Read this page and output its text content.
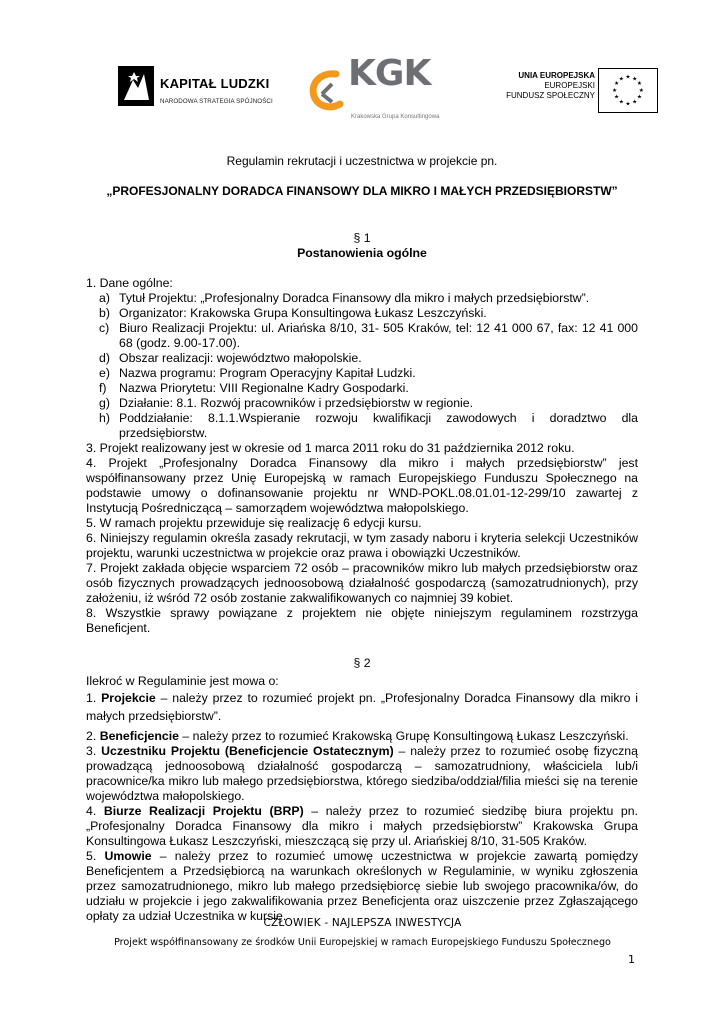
KAPITAŁ LUDZKI
NARODOWA STRATEGIA SPÓJNOŚCI
KGK
Krakowska Grupa Konsultingowa
UNIA EUROPEJSKA
EUROPEJSKI
FUNDUSZ SPOŁECZNY
★ ★
★
★
★
★
★
★
★
★
★
★
Regulamin rekrutacji i uczestnictwa w projekcie pn.
„PROFESJONALNY DORADCA FINANSOWY DLA MIKRO I MAŁYCH PRZEDSIĘBIORSTW”
§ 1
Postanowienia ogólne
1. Dane ogólne:
a) Tytuł Projektu: „Profesjonalny Doradca Finansowy dla mikro i małych przedsiębiorstw”.
b) Organizator: Krakowska Grupa Konsultingowa Łukasz Leszczyński.
c) Biuro Realizacji Projektu: ul. Ariańska 8/10, 31- 505 Kraków, tel: 12 41 000 67, fax: 12 41 000 68 (godz. 9.00-17.00).
d) Obszar realizacji: województwo małopolskie.
e) Nazwa programu: Program Operacyjny Kapitał Ludzki.
f) Nazwa Priorytetu: VIII Regionalne Kadry Gospodarki.
g) Działanie: 8.1. Rozwój pracowników i przedsiębiorstw w regionie.
h) Poddziałanie: 8.1.1.Wspieranie rozwoju kwalifikacji zawodowych i doradztwo dla przedsiębiorstw.
3. Projekt realizowany jest w okresie od 1 marca 2011 roku do 31 października 2012 roku.
4. Projekt „Profesjonalny Doradca Finansowy dla mikro i małych przedsiębiorstw” jest współfinansowany przez Unię Europejską w ramach Europejskiego Funduszu Społecznego na podstawie umowy o dofinansowanie projektu nr WND-POKL.08.01.01-12-299/10 zawartej z Instytucją Pośredniczącą – samorządem województwa małopolskiego.
5. W ramach projektu przewiduje się realizację 6 edycji kursu.
6. Niniejszy regulamin określa zasady rekrutacji, w tym zasady naboru i kryteria selekcji Uczestników projektu, warunki uczestnictwa w projekcie oraz prawa i obowiązki Uczestników.
7. Projekt zakłada objęcie wsparciem 72 osób – pracowników mikro lub małych przedsiębiorstw oraz osób fizycznych prowadzących jednoosobową działalność gospodarczą (samozatrudnionych), przy założeniu, iż wśród 72 osób zostanie zakwalifikowanych co najmniej 39 kobiet.
8. Wszystkie sprawy powiązane z projektem nie objęte niniejszym regulaminem rozstrzyga Beneficjent.
§ 2
Ilekroć w Regulaminie jest mowa o:
1. Projekcie – należy przez to rozumieć projekt pn. „Profesjonalny Doradca Finansowy dla mikro i małych przedsiębiorstw”.
2. Beneficjencie – należy przez to rozumieć Krakowską Grupę Konsultingową Łukasz Leszczyński.
3. Uczestniku Projektu (Beneficjencie Ostatecznym) – należy przez to rozumieć osobę fizyczną prowadzącą jednoosobową działalność gospodarczą – samozatrudniony, właściciela lub/i pracownice/ka mikro lub małego przedsiębiorstwa, którego siedziba/oddział/filia mieści się na terenie województwa małopolskiego.
4. Biurze Realizacji Projektu (BRP) – należy przez to rozumieć siedzibę biura projektu pn. „Profesjonalny Doradca Finansowy dla mikro i małych przedsiębiorstw” Krakowska Grupa Konsultingowa Łukasz Leszczyński, mieszczącą się przy ul. Ariańskiej 8/10, 31-505 Kraków.
5. Umowie – należy przez to rozumieć umowę uczestnictwa w projekcie zawartą pomiędzy Beneficjentem a Przedsiębiorcą na warunkach określonych w Regulaminie, w wyniku zgłoszenia przez samozatrudnionego, mikro lub małego przedsiębiorcę siebie lub swojego pracownika/ów, do udziału w projekcie i jego zakwalifikowania przez Beneficjenta oraz uiszczenie przez Zgłaszającego opłaty za udział Uczestnika w kursie.
CZŁOWIEK - NAJLEPSZA INWESTYCJA
Projekt współfinansowany ze środków Unii Europejskiej w ramach Europejskiego Funduszu Społecznego
1
